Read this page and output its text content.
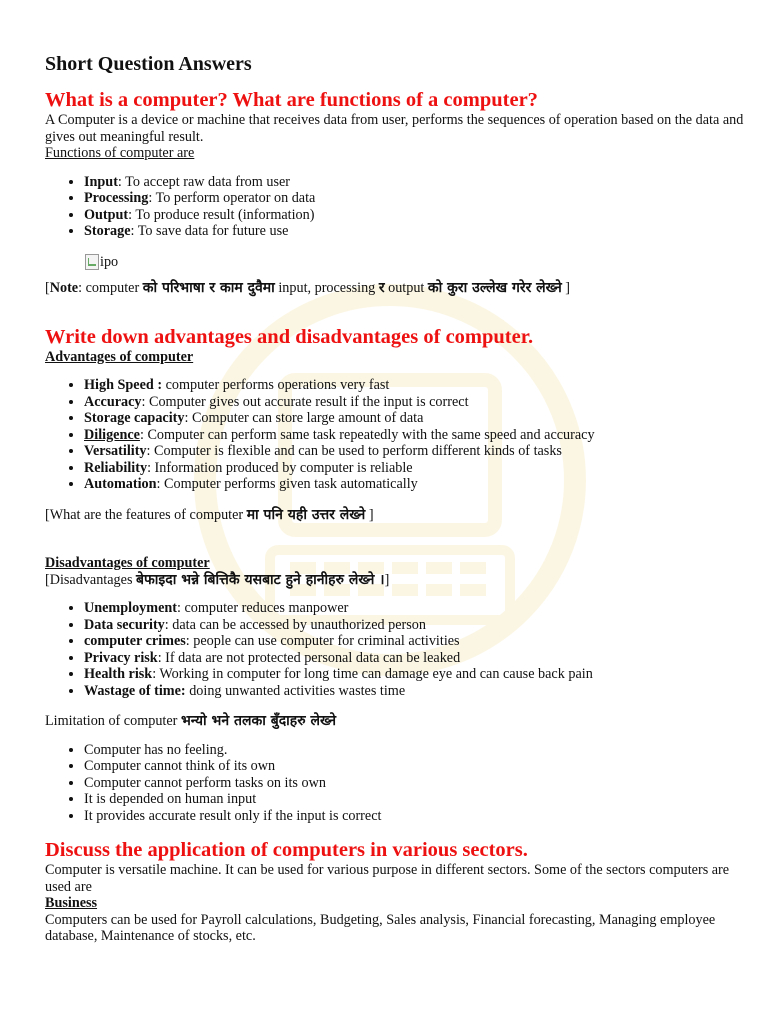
Short Question Answers
What is a computer? What are functions of a computer?

A Computer is a device or machine that receives data from user, performs the sequences of operation based on the data and gives out meaningful result.

Functions of computer are

• Input: To accept raw data from user
• Processing: To perform operator on data
• Output: To produce result (information)
• Storage: To save data for future use
ipo

[Note: computer को परिभाषा र काम दुवैमा input, processing र output को कुरा उल्लेख गरेर लेख्ने ]

Write down advantages and disadvantages of computer.

Advantages of computer

• High Speed : computer performs operations very fast
• Accuracy: Computer gives out accurate result if the input is correct
• Storage capacity: Computer can store large amount of data
• Diligence: Computer can perform same task repeatedly with the same speed and accuracy
• Versatility: Computer is flexible and can be used to perform different kinds of tasks
• Reliability: Information produced by computer is reliable
• Automation: Computer performs given task automatically

[What are the features of computer मा पनि यही उत्तर लेख्ने ]

Disadvantages of computer

[Disadvantages बेफाइदा भन्ने बित्तिकै यसबाट हुने हानीहरु लेख्ने ।]

• Unemployment: computer reduces manpower
• Data security: data can be accessed by unauthorized person
• computer crimes: people can use computer for criminal activities
• Privacy risk: If data are not protected personal data can be leaked
• Health risk: Working in computer for long time can damage eye and can cause back pain
• Wastage of time: doing unwanted activities wastes time

Limitation of computer भन्यो भने तलका बुँदाहरु लेख्ने

• Computer has no feeling.
• Computer cannot think of its own
• Computer cannot perform tasks on its own
• It is depended on human input
• It provides accurate result only if the input is correct
Discuss the application of computers in various sectors.

Computer is versatile machine. It can be used for various purpose in different sectors. Some of the sectors computers are used are

Business

Computers can be used for Payroll calculations, Budgeting, Sales analysis, Financial forecasting, Managing employee database, Maintenance of stocks, etc.
